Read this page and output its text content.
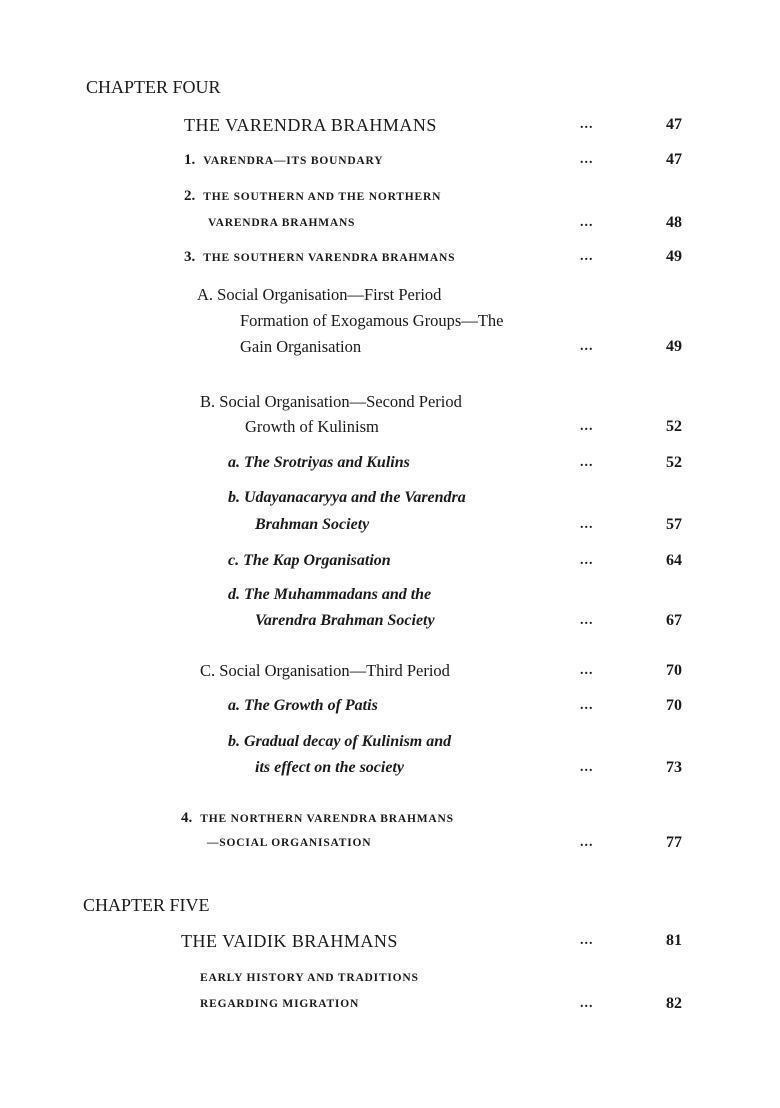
CHAPTER FOUR
THE VARENDRA BRAHMANS	...	47
1. VARENDRA—ITS BOUNDARY	...	47
2. THE SOUTHERN AND THE NORTHERN
VARENDRA BRAHMANS	...	48
3. THE SOUTHERN VARENDRA BRAHMANS	...	49
A. Social Organisation—First Period
Formation of Exogamous Groups—The
Gain Organisation	...	49
B. Social Organisation—Second Period
Growth of Kulinism	...	52
a. The Srotriyas and Kulins	...	52
b. Udayanacaryya and the Varendra
Brahman Society	...	57
c. The Kap Organisation	...	64
d. The Muhammadans and the
Varendra Brahman Society	...	67
C. Social Organisation—Third Period	...	70
a. The Growth of Patis	...	70
b. Gradual decay of Kulinism and
its effect on the society	...	73
4. THE NORTHERN VARENDRA BRAHMANS
—SOCIAL ORGANISATION	...	77
CHAPTER FIVE
THE VAIDIK BRAHMANS	...	81
EARLY HISTORY AND TRADITIONS
REGARDING MIGRATION	...	82
